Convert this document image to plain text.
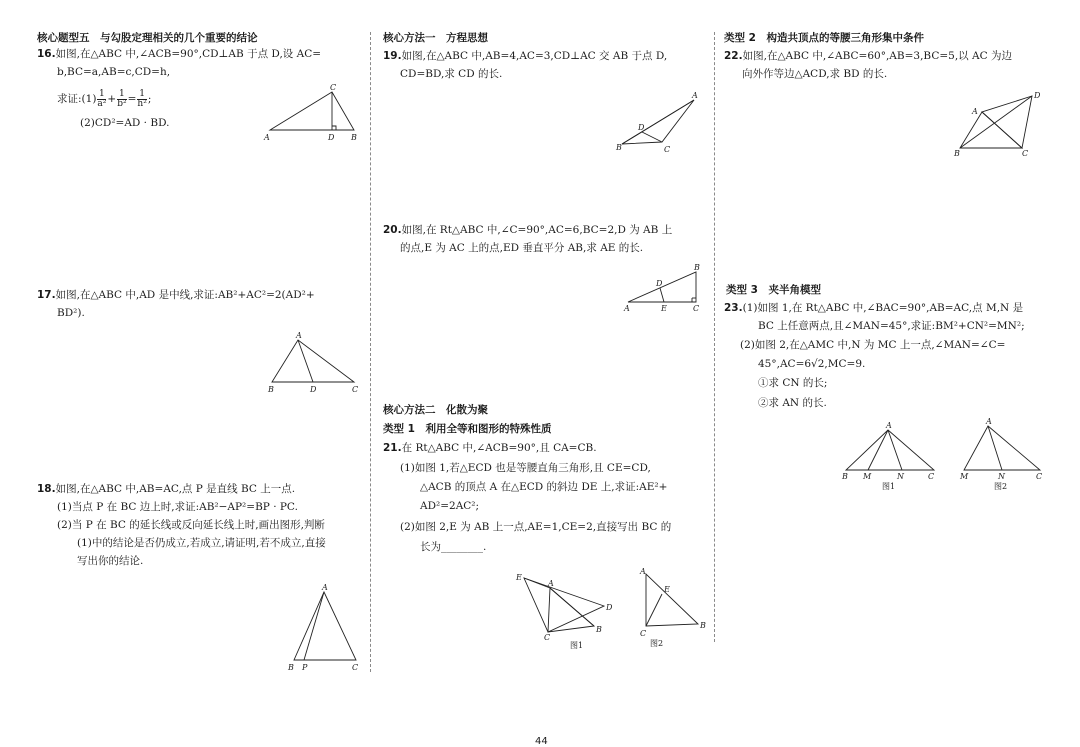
核心题型五　与勾股定理相关的几个重要的结论
16.如图,在△ABC 中,∠ACB=90°,CD⊥AB 于点 D,设 AC=
b,BC=a,AB=c,CD=h,
求证:(1) $\frac{1}{\text{a²}} + \frac{1}{\text{b²}} = \frac{1}{\text{h²}}$ ;
(2)CD²=AD · BD.
C
A	D B
17.如图,在△ABC 中,AD 是中线,求证:AB²+AC²=2(AD²+
BD²).
A
B	D	C
18.如图,在△ABC 中,AB=AC,点 P 是直线 BC 上一点.
(1)当点 P 在 BC 边上时,求证:AB²−AP²=BP · PC.
(2)当 P 在 BC 的延长线或反向延长线上时,画出图形,判断
(1)中的结论是否仍成立,若成立,请证明,若不成立,直接
写出你的结论.
A
B P	C
核心方法一　方程思想
19.如图,在△ABC 中,AB=4,AC=3,CD⊥AC 交 AB 于点 D,
CD=BD,求 CD 的长.
A
D
B	C
20.如图,在 Rt△ABC 中,∠C=90°,AC=6,BC=2,D 为 AB 上
的点,E 为 AC 上的点,ED 垂直平分 AB,求 AE 的长.
B
D
A	E	C
核心方法二　化散为聚
类型 1　利用全等和图形的特殊性质
21.在 Rt△ABC 中,∠ACB=90°,且 CA=CB.
(1)如图 1,若△ECD 也是等腰直角三角形,且 CE=CD,
△ACB 的顶点 A 在△ECD 的斜边 DE 上,求证:AE²+
AD²=2AC²;
(2)如图 2,E 为 AB 上一点,AE=1,CE=2,直接写出 BC 的
长为________.
E
A
D
B
C
图1
A
E
B
C
图2
类型 2　构造共顶点的等腰三角形集中条件
22.如图,在△ABC 中,∠ABC=60°,AB=3,BC=5,以 AC 为边
向外作等边△ACD,求 BD 的长.
A
D
B	C
类型 3　夹半角模型
23.(1)如图 1,在 Rt△ABC 中,∠BAC=90°,AB=AC,点 M,N 是
BC 上任意两点,且∠MAN=45°,求证:BM²+CN²=MN²;
(2)如图 2,在△AMC 中,N 为 MC 上一点,∠MAN=∠C=
45°,AC=6√2,MC=9.
①求 CN 的长;
②求 AN 的长.
A
B M	N	C
图1
A
M	N	C
图2
44
